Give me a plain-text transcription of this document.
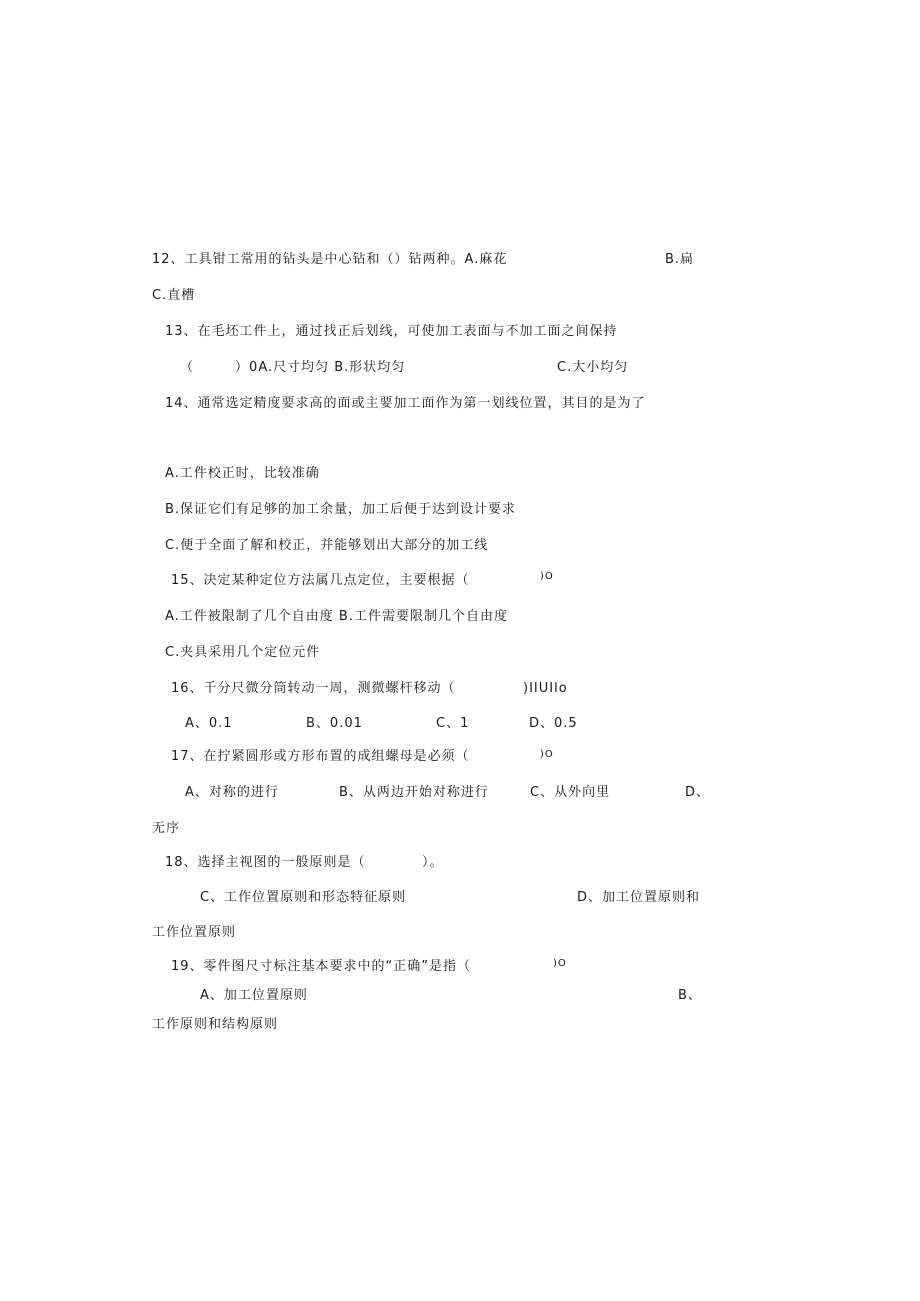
12、工具钳工常用的钻头是中心钻和（）钻两种。A.麻花	B.扁
C.直槽
13、在毛坯工件上，通过找正后划线，可使加工表面与不加工面之间保持
（        ）0A.尺寸均匀 B.形状均匀	C.大小均匀
14、通常选定精度要求高的面或主要加工面作为第一划线位置，其目的是为了
A.工件校正时，比较准确
B.保证它们有足够的加工余量，加工后便于达到设计要求
C.便于全面了解和校正，并能够划出大部分的加工线
15、决定某种定位方法属几点定位，主要根据（	)O
A.工件被限制了几个自由度 B.工件需要限制几个自由度
C.夹具采用几个定位元件
16、千分尺微分筒转动一周，测微螺杆移动（	)IIUIlo
A、0.1	B、0.01	C、1	D、0.5
17、在拧紧圆形或方形布置的成组螺母是必须（	)O
A、对称的进行	B、从两边开始对称进行	C、从外向里	D、
无序
18、选择主视图的一般原则是（           ）。
C、工作位置原则和形态特征原则	D、加工位置原则和
工作位置原则
19、零件图尺寸标注基本要求中的“正确”是指（	)O
A、加工位置原则	B、
工作原则和结构原则
